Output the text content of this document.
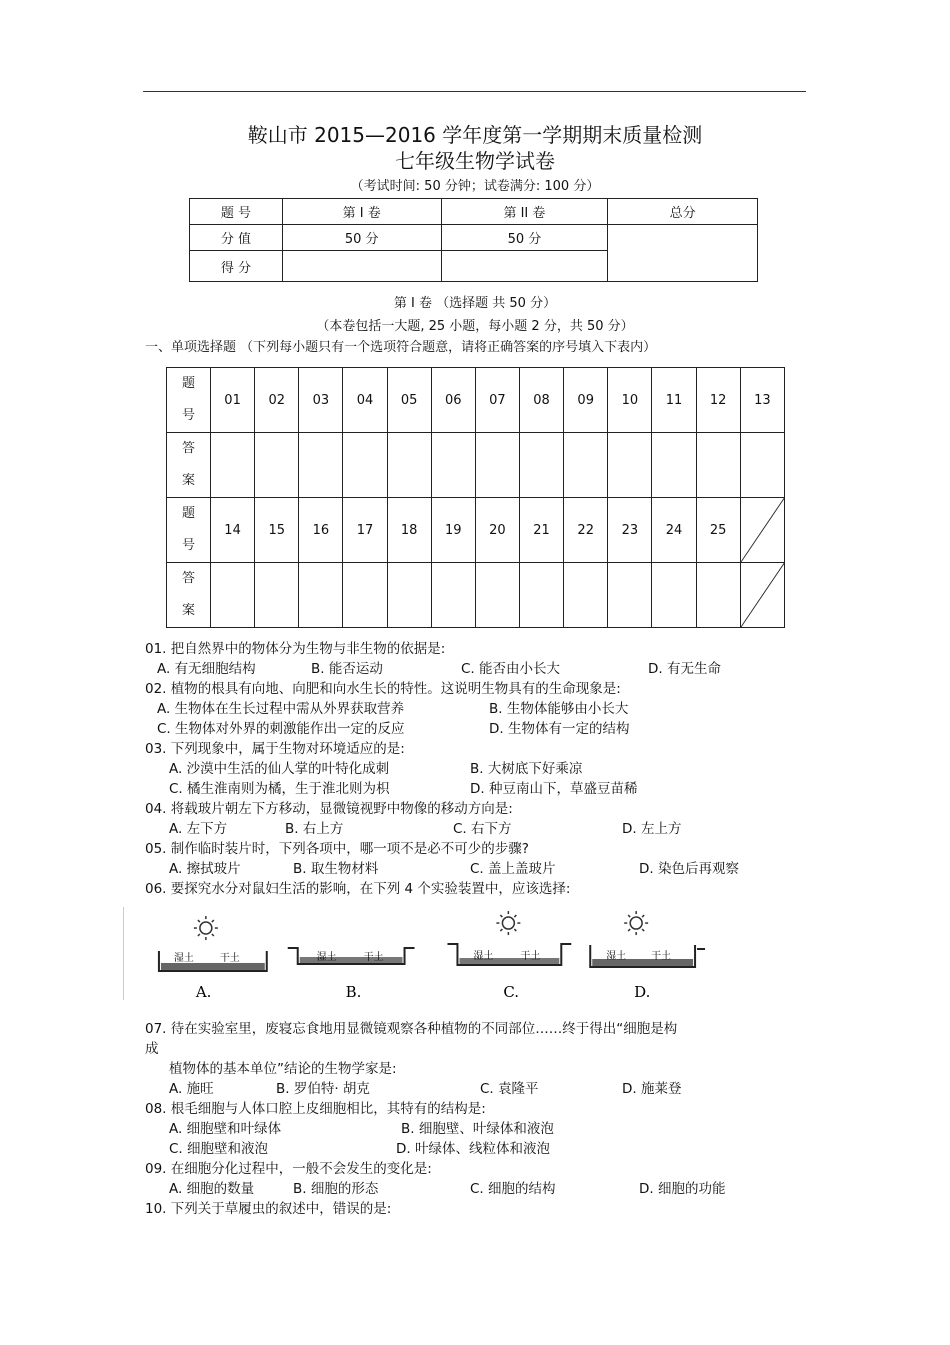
鞍山市 2015—2016 学年度第一学期期末质量检测
七年级生物学试卷
（考试时间: 50 分钟；试卷满分: 100 分）
题 号	第 I 卷	第 II 卷	总分
分 值	50 分	50 分	
得 分			
第 I 卷 （选择题 共 50 分）
（本卷包括一大题, 25 小题，每小题 2 分，共 50 分）
一、单项选择题 （下列每小题只有一个选项符合题意，请将正确答案的序号填入下表内）
题
号	01	02	03	04	05	06	07	08	09	10	11	12	13
答
案													
题
号	14	15	16	17	18	19	20	21	22	23	24	25	

答
案													
01. 把自然界中的物体分为生物与非生物的依据是:
A. 有无细胞结构	B. 能否运动	C. 能否由小长大	D. 有无生命
02. 植物的根具有向地、向肥和向水生长的特性。这说明生物具有的生命现象是:
A. 生物体在生长过程中需从外界获取营养	B. 生物体能够由小长大
C. 生物体对外界的刺激能作出一定的反应	D. 生物体有一定的结构
03. 下列现象中，属于生物对环境适应的是:
A. 沙漠中生活的仙人掌的叶特化成刺	B. 大树底下好乘凉
C. 橘生淮南则为橘，生于淮北则为枳	D. 种豆南山下，草盛豆苗稀
04. 将载玻片朝左下方移动，显微镜视野中物像的移动方向是:
A. 左下方	B. 右上方	C. 右下方	D. 左上方
05. 制作临时装片时，下列各项中，哪一项不是必不可少的步骤?
A. 擦拭玻片	B. 取生物材料	C. 盖上盖玻片	D. 染色后再观察
06. 要探究水分对鼠妇生活的影响，在下列 4 个实验装置中，应该选择:
湿土	干土
A.
湿土	干土
B.
湿土	干土
C.
湿土 干土
D.
07. 待在实验室里，废寝忘食地用显微镜观察各种植物的不同部位……终于得出“细胞是构
成
植物体的基本单位”结论的生物学家是:
A. 施旺	B. 罗伯特· 胡克	C. 袁隆平	D. 施莱登
08. 根毛细胞与人体口腔上皮细胞相比，其特有的结构是:
A. 细胞壁和叶绿体	B. 细胞壁、叶绿体和液泡
C. 细胞壁和液泡	D. 叶绿体、线粒体和液泡
09. 在细胞分化过程中，一般不会发生的变化是:
A. 细胞的数量	B. 细胞的形态	C. 细胞的结构	D. 细胞的功能
10. 下列关于草履虫的叙述中，错误的是:
